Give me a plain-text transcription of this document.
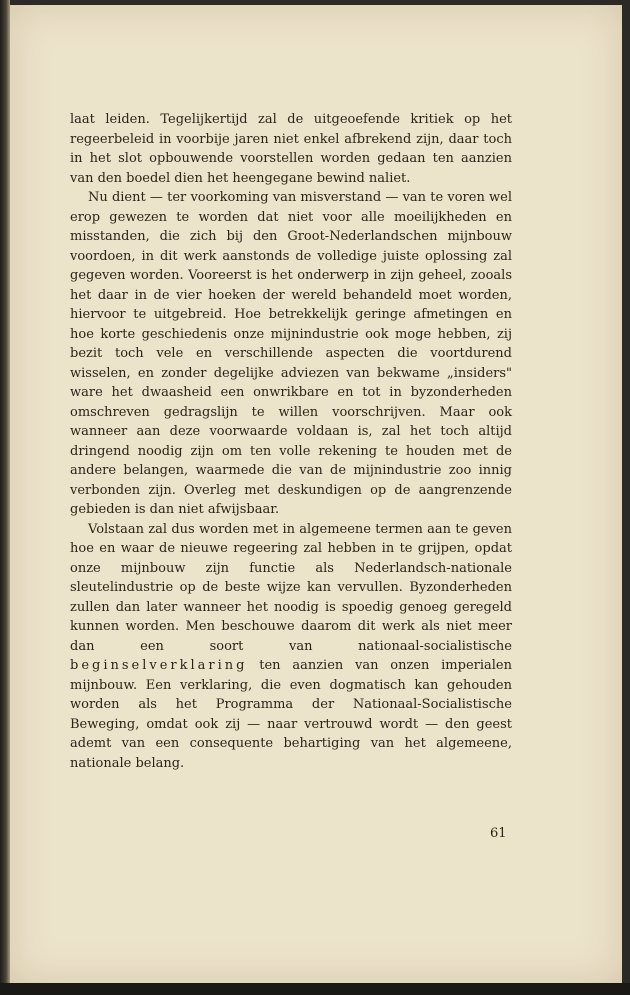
laat leiden. Tegelijkertijd zal de uitgeoefende kritiek op het regeerbeleid in voorbije jaren niet enkel afbrekend zijn, daar toch in het slot opbouwende voorstellen worden gedaan ten aanzien van den boedel dien het heengegane bewind naliet.

Nu dient — ter voorkoming van misverstand — van te voren wel erop gewezen te worden dat niet voor alle moeilijkheden en misstanden, die zich bij den Groot-Nederlandschen mijnbouw voordoen, in dit werk aanstonds de volledige juiste oplossing zal gegeven worden. Vooreerst is het onderwerp in zijn geheel, zooals het daar in de vier hoeken der wereld behandeld moet worden, hiervoor te uitgebreid. Hoe betrekkelijk geringe afmetingen en hoe korte geschiedenis onze mijnindustrie ook moge hebben, zij bezit toch vele en verschillende aspecten die voortdurend wisselen, en zonder degelijke adviezen van bekwame „insiders" ware het dwaasheid een onwrikbare en tot in byzonderheden omschreven gedragslijn te willen voorschrijven. Maar ook wanneer aan deze voorwaarde voldaan is, zal het toch altijd dringend noodig zijn om ten volle rekening te houden met de andere belangen, waarmede die van de mijnindustrie zoo innig verbonden zijn. Overleg met deskundigen op de aangrenzende gebieden is dan niet afwijsbaar.

Volstaan zal dus worden met in algemeene termen aan te geven hoe en waar de nieuwe regeering zal hebben in te grijpen, opdat onze mijnbouw zijn functie als Nederlandsch-nationale sleutelindustrie op de beste wijze kan vervullen. Byzonderheden zullen dan later wanneer het noodig is spoedig genoeg geregeld kunnen worden. Men beschouwe daarom dit werk als niet meer dan een soort van nationaal-socialistische beginselverklaring ten aanzien van onzen imperialen mijnbouw. Een verklaring, die even dogmatisch kan gehouden worden als het Programma der Nationaal-Socialistische Beweging, omdat ook zij — naar vertrouwd wordt — den geest ademt van een consequente behartiging van het algemeene, nationale belang.

61
